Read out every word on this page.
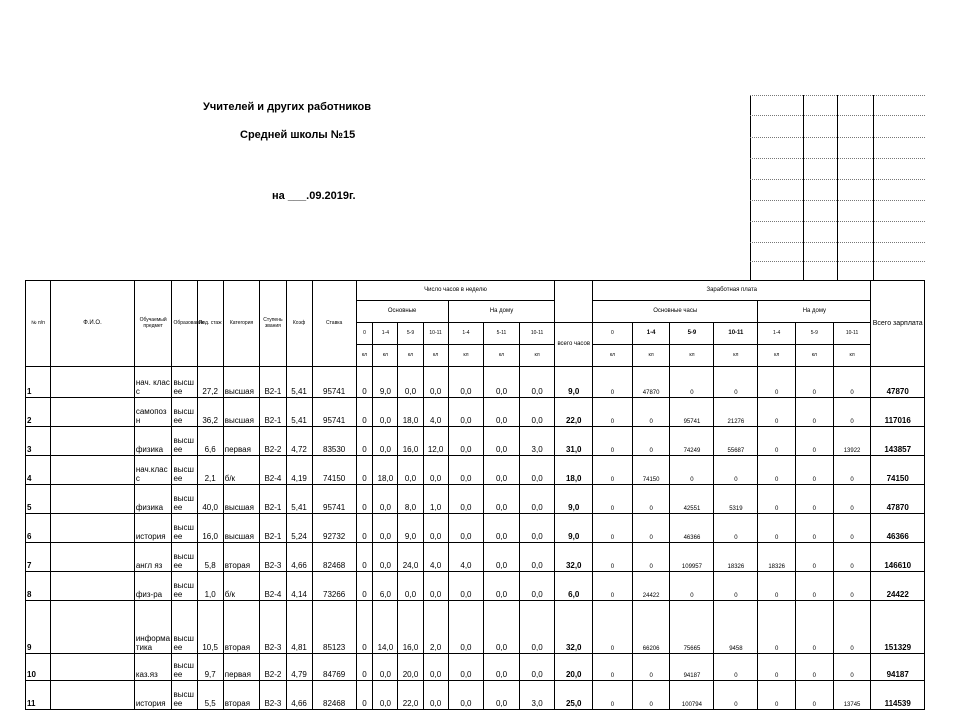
Учителей и других работников
Средней школы №15
на ___.09.2019г.
№ п/п	Ф.И.О.	Обучаемый предмет	Образование	Пед. стаж	Категория	Ступень звания	Коэф	Ставка	Число часов в неделю								Заработная плата							Всего зарплата
									Основные				На дому				Основные часы				На дому			
									0	1-4	5-9	10-11	1-4	5-11	10-11	всего часов	0	1-4	5-9	10-11	1-4	5-9	10-11	
									кл	кл	кл	кл	кл	кл	кл		кл	кл	кл	кл	кл	кл	кл	
1		нач. класс	высшее	27,2	высшая	B2-1	5,41	95741	0	9,0	0,0	0,0	0,0	0,0	0,0	9,0	0	47870	0	0	0	0	0	47870
2		самопозн	высшее	36,2	высшая	B2-1	5,41	95741	0	0,0	18,0	4,0	0,0	0,0	0,0	22,0	0	0	95741	21276	0	0	0	117016
3		физика	высшее	6,6	первая	B2-2	4,72	83530	0	0,0	16,0	12,0	0,0	0,0	3,0	31,0	0	0	74249	55687	0	0	13922	143857
4		нач.класс	высшее	2,1	б/к	B2-4	4,19	74150	0	18,0	0,0	0,0	0,0	0,0	0,0	18,0	0	74150	0	0	0	0	0	74150
5		физика	высшее	40,0	высшая	B2-1	5,41	95741	0	0,0	8,0	1,0	0,0	0,0	0,0	9,0	0	0	42551	5319	0	0	0	47870
6		история	высшее	16,0	высшая	B2-1	5,24	92732	0	0,0	9,0	0,0	0,0	0,0	0,0	9,0	0	0	46366	0	0	0	0	46366
7		англ яз	высшее	5,8	вторая	B2-3	4,66	82468	0	0,0	24,0	4,0	4,0	0,0	0,0	32,0	0	0	109957	18326	18326	0	0	146610
8		физ-ра	высшее	1,0	б/к	B2-4	4,14	73266	0	6,0	0,0	0,0	0,0	0,0	0,0	6,0	0	24422	0	0	0	0	0	24422
9		информатика	высшее	10,5	вторая	B2-3	4,81	85123	0	14,0	16,0	2,0	0,0	0,0	0,0	32,0	0	66206	75665	9458	0	0	0	151329
10		каз.яз	высшее	9,7	первая	B2-2	4,79	84769	0	0,0	20,0	0,0	0,0	0,0	0,0	20,0	0	0	94187	0	0	0	0	94187
11		история	высшее	5,5	вторая	B2-3	4,66	82468	0	0,0	22,0	0,0	0,0	0,0	3,0	25,0	0	0	100794	0	0	0	13745	114539
